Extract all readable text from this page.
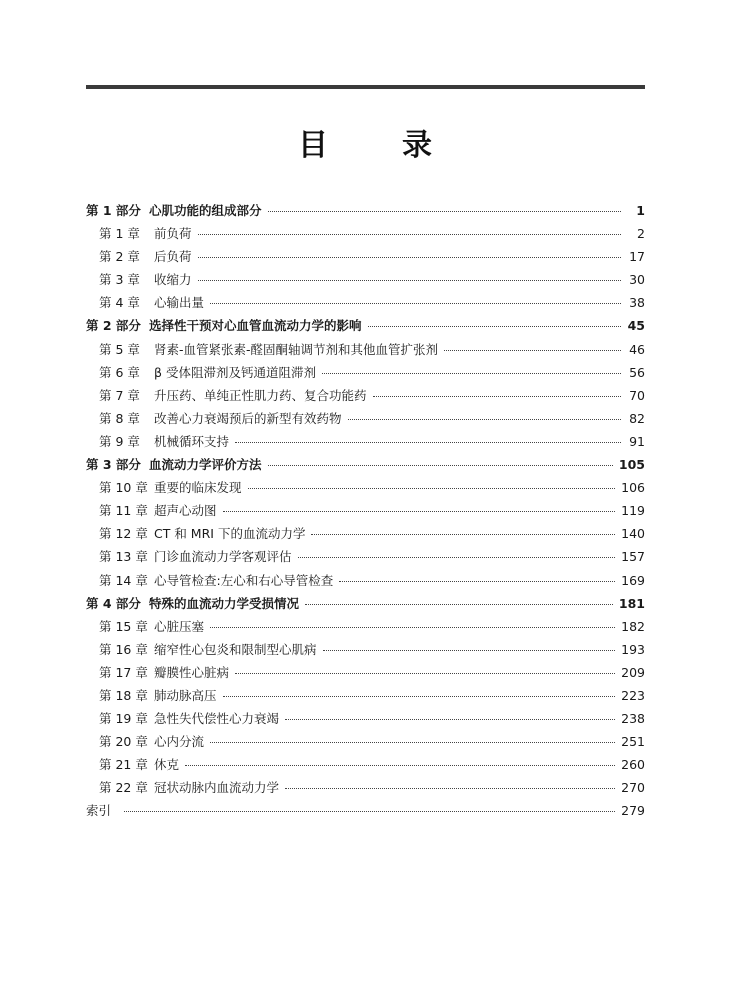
目　录
第 1 部分 心肌功能的组成部分	1
第 1 章	前负荷	2
第 2 章	后负荷	17
第 3 章	收缩力	30
第 4 章	心输出量	38
第 2 部分 选择性干预对心血管血流动力学的影响	45
第 5 章	肾素-血管紧张素-醛固酮轴调节剂和其他血管扩张剂	46
第 6 章	β 受体阻滞剂及钙通道阻滞剂	56
第 7 章	升压药、单纯正性肌力药、复合功能药	70
第 8 章	改善心力衰竭预后的新型有效药物	82
第 9 章	机械循环支持	91
第 3 部分 血流动力学评价方法	105
第 10 章 重要的临床发现	106
第 11 章 超声心动图	119
第 12 章 CT 和 MRI 下的血流动力学	140
第 13 章 门诊血流动力学客观评估	157
第 14 章 心导管检查:左心和右心导管检查	169
第 4 部分 特殊的血流动力学受损情况	181
第 15 章 心脏压塞	182
第 16 章 缩窄性心包炎和限制型心肌病	193
第 17 章 瓣膜性心脏病	209
第 18 章 肺动脉高压	223
第 19 章 急性失代偿性心力衰竭	238
第 20 章 心内分流	251
第 21 章 休克	260
第 22 章 冠状动脉内血流动力学	270
索引	279
